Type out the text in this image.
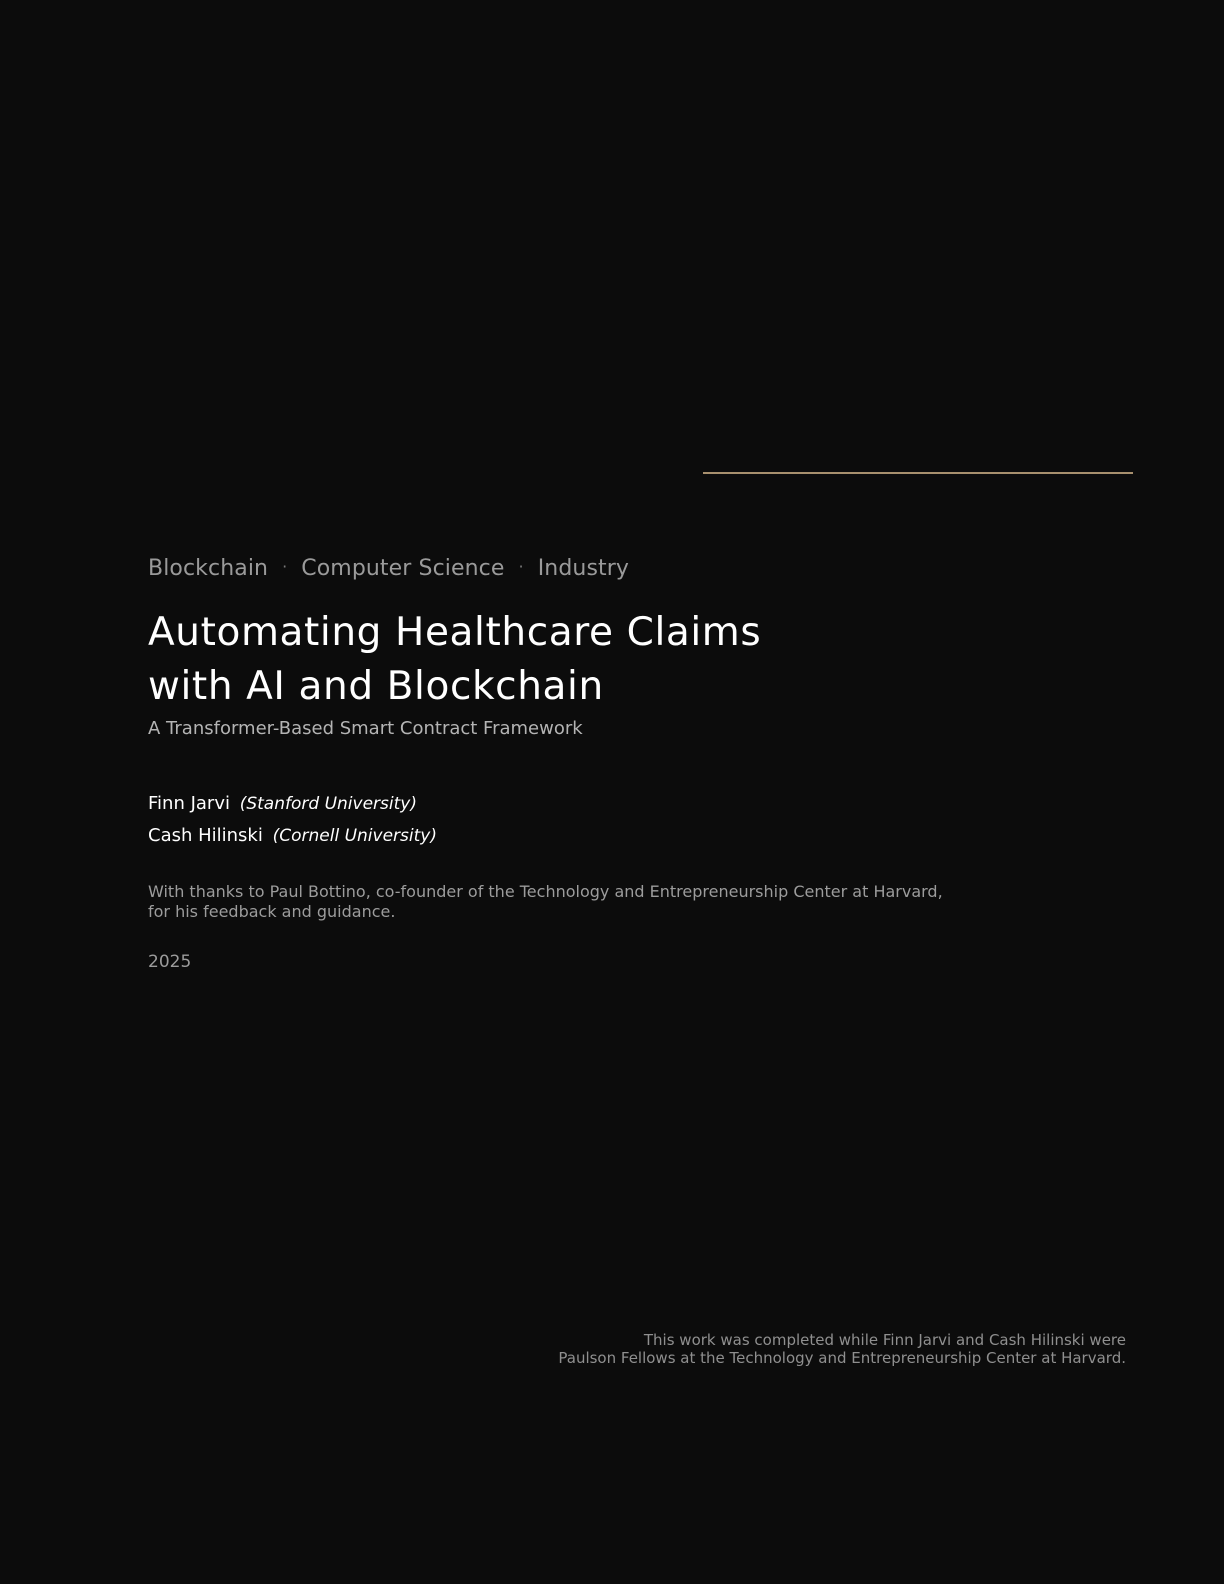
Blockchain · Computer Science · Industry
Automating Healthcare Claims
with AI and Blockchain
A Transformer-Based Smart Contract Framework
Finn Jarvi (Stanford University)
Cash Hilinski (Cornell University)
With thanks to Paul Bottino, co-founder of the Technology and Entrepreneurship Center at Harvard, for his feedback and guidance.
2025
This work was completed while Finn Jarvi and Cash Hilinski were
Paulson Fellows at the Technology and Entrepreneurship Center at Harvard.
